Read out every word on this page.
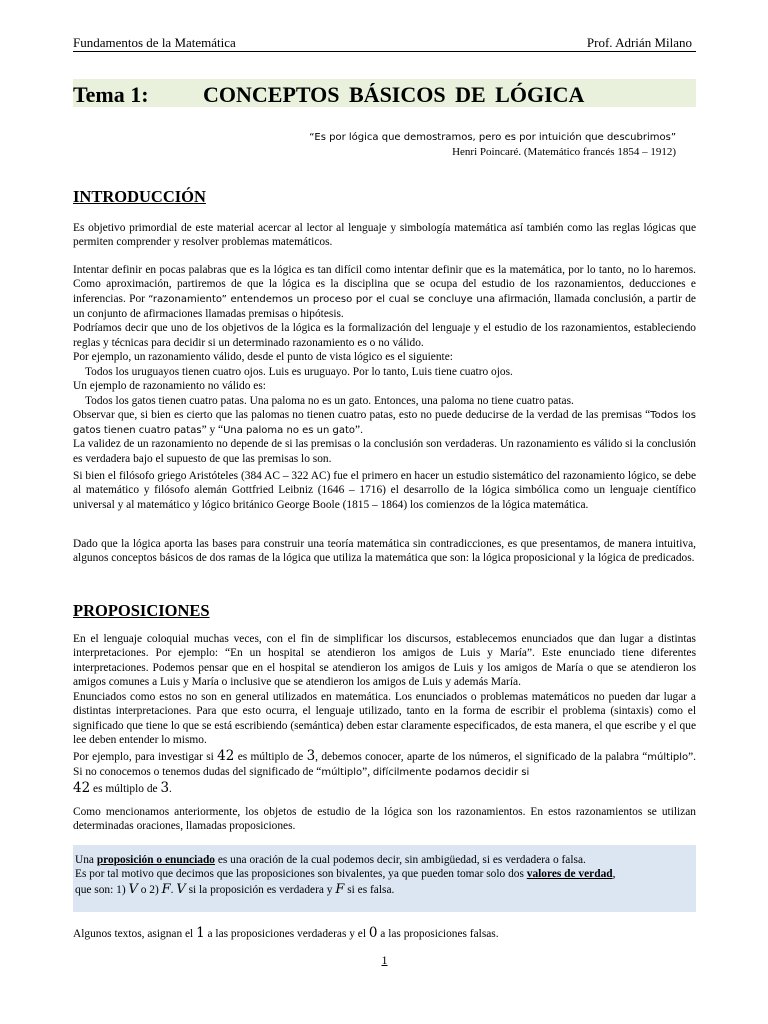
Fundamentos de la Matemática	Prof. Adrián Milano
Tema 1: CONCEPTOS BÁSICOS DE LÓGICA
“Es por lógica que demostramos, pero es por intuición que descubrimos”
Henri Poincaré. (Matemático francés 1854 – 1912)
INTRODUCCIÓN

Es objetivo primordial de este material acercar al lector al lenguaje y simbología matemática así también como las reglas lógicas que permiten comprender y resolver problemas matemáticos.

Intentar definir en pocas palabras que es la lógica es tan difícil como intentar definir que es la matemática, por lo tanto, no lo haremos. Como aproximación, partiremos de que la lógica es la disciplina que se ocupa del estudio de los razonamientos, deducciones e inferencias. Por “razonamiento” entendemos un proceso por el cual se concluye una afirmación, llamada conclusión, a partir de un conjunto de afirmaciones llamadas premisas o hipótesis.

Podríamos decir que uno de los objetivos de la lógica es la formalización del lenguaje y el estudio de los razonamientos, estableciendo reglas y técnicas para decidir si un determinado razonamiento es o no válido.

Por ejemplo, un razonamiento válido, desde el punto de vista lógico es el siguiente:

Todos los uruguayos tienen cuatro ojos. Luis es uruguayo. Por lo tanto, Luis tiene cuatro ojos.

Un ejemplo de razonamiento no válido es:

Todos los gatos tienen cuatro patas. Una paloma no es un gato. Entonces, una paloma no tiene cuatro patas.

Observar que, si bien es cierto que las palomas no tienen cuatro patas, esto no puede deducirse de la verdad de las premisas “Todos los gatos tienen cuatro patas” y “Una paloma no es un gato”.

La validez de un razonamiento no depende de si las premisas o la conclusión son verdaderas. Un razonamiento es válido si la conclusión es verdadera bajo el supuesto de que las premisas lo son.

Si bien el filósofo griego Aristóteles (384 AC – 322 AC) fue el primero en hacer un estudio sistemático del razonamiento lógico, se debe al matemático y filósofo alemán Gottfried Leibniz (1646 – 1716) el desarrollo de la lógica simbólica como un lenguaje científico universal y al matemático y lógico británico George Boole (1815 – 1864) los comienzos de la lógica matemática.

Dado que la lógica aporta las bases para construir una teoría matemática sin contradicciones, es que presentamos, de manera intuitiva, algunos conceptos básicos de dos ramas de la lógica que utiliza la matemática que son: la lógica proposicional y la lógica de predicados.

PROPOSICIONES

En el lenguaje coloquial muchas veces, con el fin de simplificar los discursos, establecemos enunciados que dan lugar a distintas interpretaciones. Por ejemplo: “En un hospital se atendieron los amigos de Luis y María”. Este enunciado tiene diferentes interpretaciones. Podemos pensar que en el hospital se atendieron los amigos de Luis y los amigos de María o que se atendieron los amigos comunes a Luis y María o inclusive que se atendieron los amigos de Luis y además María.

Enunciados como estos no son en general utilizados en matemática. Los enunciados o problemas matemáticos no pueden dar lugar a distintas interpretaciones. Para que esto ocurra, el lenguaje utilizado, tanto en la forma de escribir el problema (sintaxis) como el significado que tiene lo que se está escribiendo (semántica) deben estar claramente especificados, de esta manera, el que escribe y el que lee deben entender lo mismo.

Por ejemplo, para investigar si 42 es múltiplo de 3, debemos conocer, aparte de los números, el significado de la palabra “múltiplo”. Si no conocemos o tenemos dudas del significado de “múltiplo”, difícilmente podamos decidir si
42 es múltiplo de 3.

Como mencionamos anteriormente, los objetos de estudio de la lógica son los razonamientos. En estos razonamientos se utilizan determinadas oraciones, llamadas proposiciones.

Una proposición o enunciado es una oración de la cual podemos decir, sin ambigüedad, si es verdadera o falsa.

Es por tal motivo que decimos que las proposiciones son bivalentes, ya que pueden tomar solo dos valores de verdad,

que son: 1) V o 2) F. V si la proposición es verdadera y F si es falsa.

Algunos textos, asignan el 1 a las proposiciones verdaderas y el 0 a las proposiciones falsas.

1
